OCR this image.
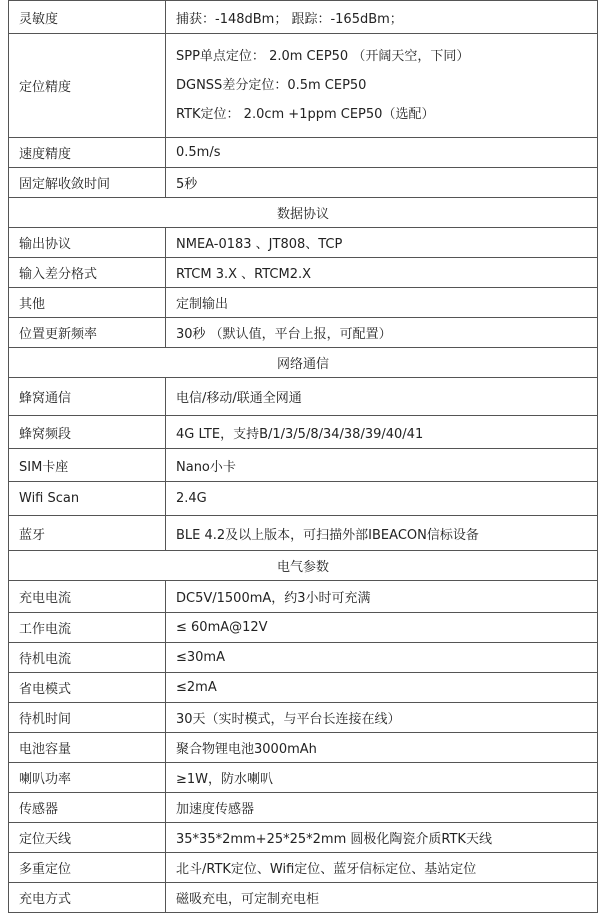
灵敏度	捕获：-148dBm； 跟踪：-165dBm；

定位精度	SPP单点定位： 2.0m CEP50 （开阔天空，下同）
DGNSS差分定位：0.5m CEP50
RTK定位： 2.0cm +1ppm CEP50（选配）

速度精度	0.5m/s

固定解收敛时间	5秒

数据协议	
输出协议	NMEA-0183 、JT808、TCP

输入差分格式	RTCM 3.X 、RTCM2.X

其他	定制输出

位置更新频率	30秒 （默认值，平台上报，可配置）

网络通信	
蜂窝通信	电信/移动/联通全网通

蜂窝频段	4G LTE，支持B/1/3/5/8/34/38/39/40/41

SIM卡座	Nano小卡

Wifi Scan	2.4G

蓝牙	BLE 4.2及以上版本，可扫描外部IBEACON信标设备

电气参数	
充电电流	DC5V/1500mA，约3小时可充满

工作电流	≤ 60mA@12V

待机电流	≤30mA

省电模式	≤2mA

待机时间	30天（实时模式，与平台长连接在线）

电池容量	聚合物锂电池3000mAh

喇叭功率	≥1W，防水喇叭

传感器	加速度传感器

定位天线	35*35*2mm+25*25*2mm 圆极化陶瓷介质RTK天线

多重定位	北斗/RTK定位、Wifi定位、蓝牙信标定位、基站定位

充电方式	磁吸充电，可定制充电柜
